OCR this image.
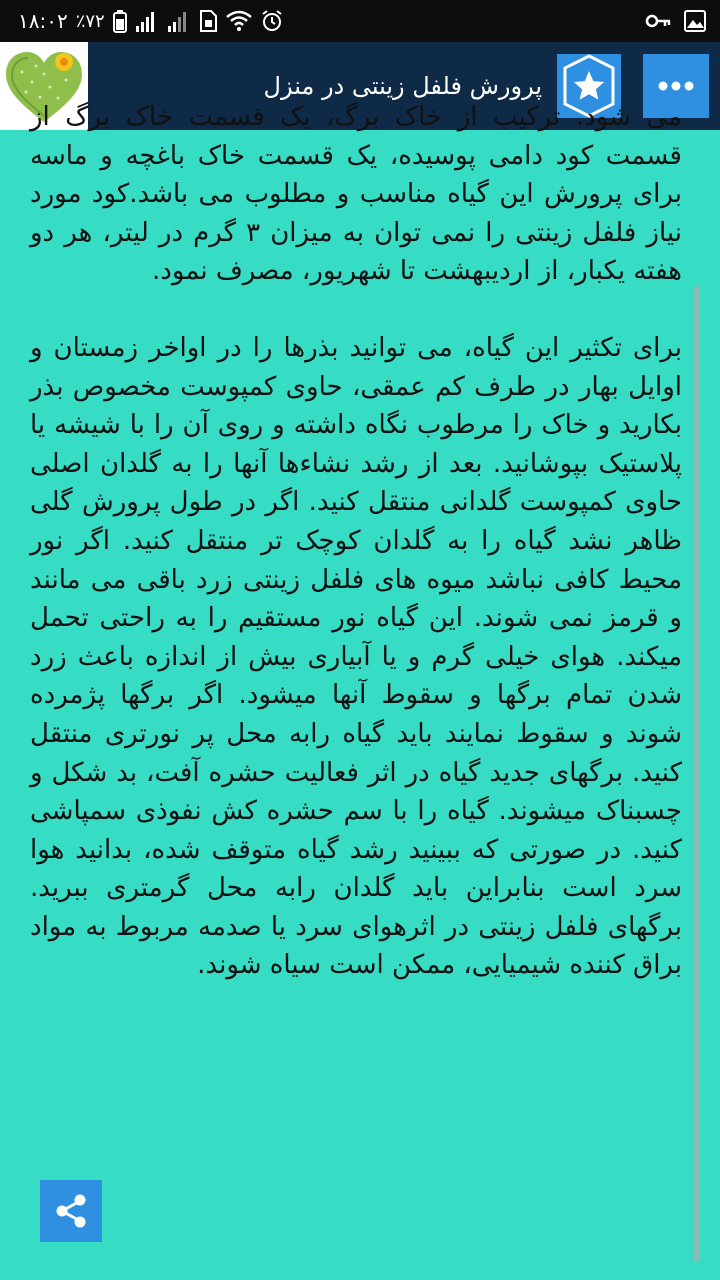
۱۸:۰۲ ٪۷۲
پرورش فلفل زینتی در منزل

می شود. ترکیب از خاک برگ، یک قسمت خاک برگ از قسمت کود دامی پوسیده، یک قسمت خاک باغچه و ماسه برای پرورش این گیاه مناسب و مطلوب می باشد.کود مورد نیاز فلفل زینتی را نمی توان به میزان ۳ گرم در لیتر، هر دو هفته یکبار، از اردیبهشت تا شهریور، مصرف نمود.

برای تکثیر این گیاه، می توانید بذرها را در اواخر زمستان و اوایل بهار در طرف کم عمقی، حاوی کمپوست مخصوص بذر بکارید و خاک را مرطوب نگاه داشته و روی آن را با شیشه یا پلاستیک بپوشانید. بعد از رشد نشاءها آنها را به گلدان اصلی حاوی کمپوست گلدانی منتقل کنید. اگر در طول پرورش گلی ظاهر نشد گیاه را به گلدان کوچک تر منتقل کنید. اگر نور محیط کافی نباشد میوه های فلفل زینتی زرد باقی می مانند و قرمز نمی شوند. این گیاه نور مستقیم را به راحتی تحمل میکند. هوای خیلی گرم و یا آبیاری بیش از اندازه باعث زرد شدن تمام برگها و سقوط آنها میشود. اگر برگها پژمرده شوند و سقوط نمایند باید گیاه رابه محل پر نورتری منتقل کنید. برگهای جدید گیاه در اثر فعالیت حشره آفت، بد شکل و چسبناک میشوند. گیاه را با سم حشره کش نفوذی سمپاشی کنید. در صورتی که ببینید رشد گیاه متوقف شده، بدانید هوا سرد است بنابراین باید گلدان رابه محل گرمتری ببرید. برگهای فلفل زینتی در اثرهوای سرد یا صدمه مربوط به مواد براق کننده شیمیایی، ممکن است سیاه شوند.
